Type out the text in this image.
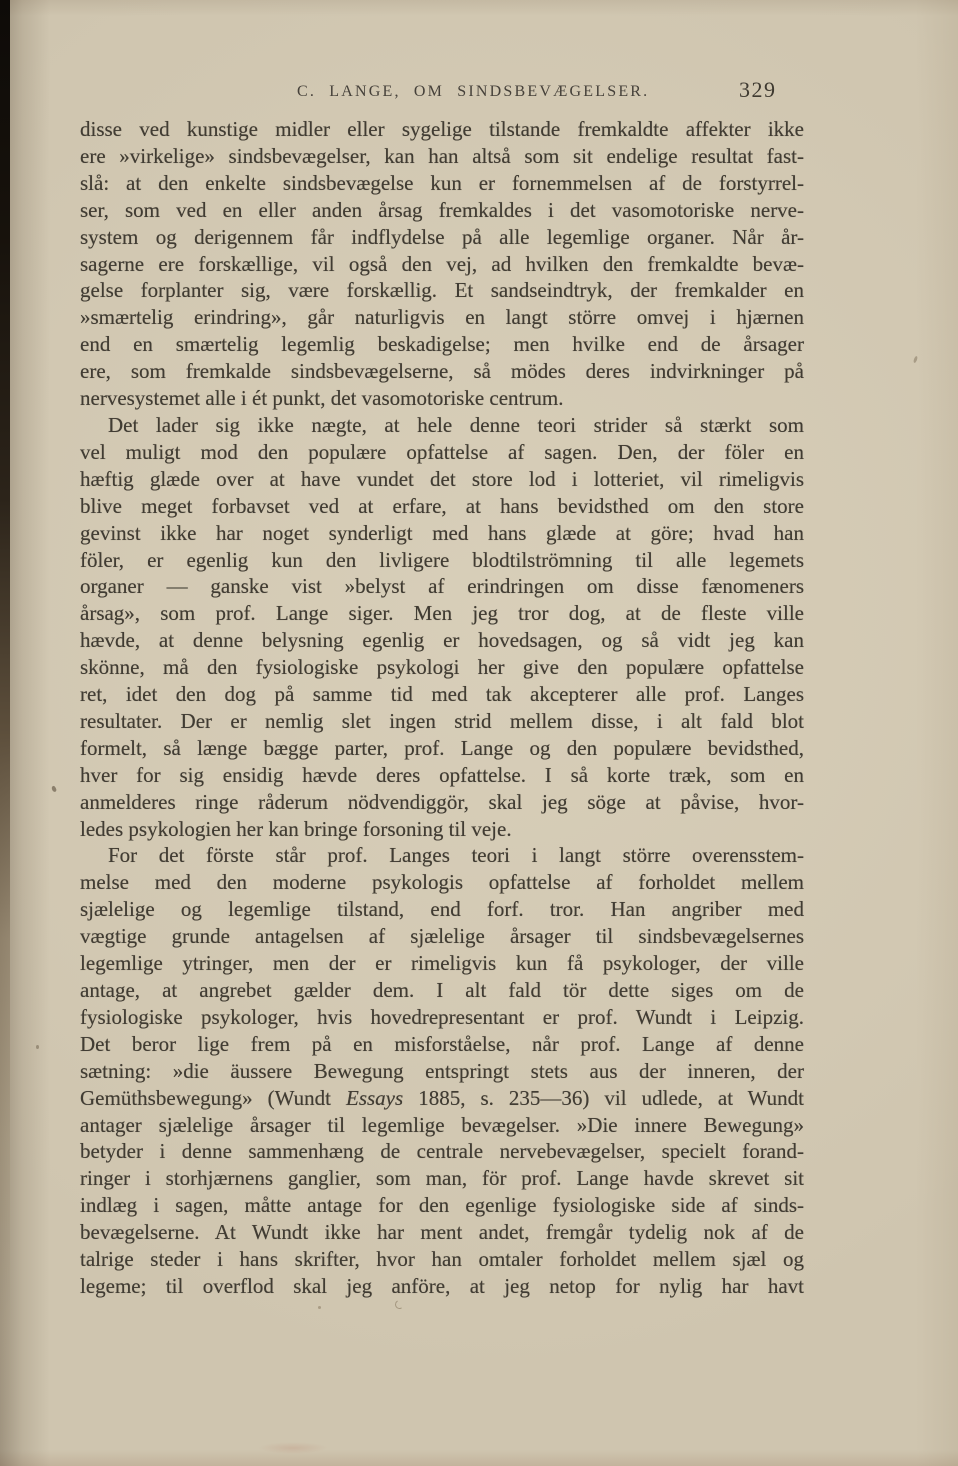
C. LANGE, OM SINDSBEVÆGELSER.	329
disse ved kunstige midler eller sygelige tilstande fremkaldte affekter ikke
ere »virkelige» sindsbevægelser, kan han altså som sit endelige resultat fast-
slå: at den enkelte sindsbevægelse kun er fornemmelsen af de forstyrrel-
ser, som ved en eller anden årsag fremkaldes i det vasomotoriske nerve-
system og derigennem får indflydelse på alle legemlige organer. Når år-
sagerne ere forskællige, vil også den vej, ad hvilken den fremkaldte bevæ-
gelse forplanter sig, være forskællig. Et sandseindtryk, der fremkalder en
»smærtelig erindring», går naturligvis en langt större omvej i hjærnen
end en smærtelig legemlig beskadigelse; men hvilke end de årsager
ere, som fremkalde sindsbevægelserne, så mödes deres indvirkninger på
nervesystemet alle i ét punkt, det vasomotoriske centrum.
Det lader sig ikke nægte, at hele denne teori strider så stærkt som
vel muligt mod den populære opfattelse af sagen. Den, der föler en
hæftig glæde over at have vundet det store lod i lotteriet, vil rimeligvis
blive meget forbavset ved at erfare, at hans bevidsthed om den store
gevinst ikke har noget synderligt med hans glæde at göre; hvad han
föler, er egenlig kun den livligere blodtilströmning til alle legemets
organer — ganske vist »belyst af erindringen om disse fænomeners
årsag», som prof. Lange siger. Men jeg tror dog, at de fleste ville
hævde, at denne belysning egenlig er hovedsagen, og så vidt jeg kan
skönne, må den fysiologiske psykologi her give den populære opfattelse
ret, idet den dog på samme tid med tak akcepterer alle prof. Langes
resultater. Der er nemlig slet ingen strid mellem disse, i alt fald blot
formelt, så længe bægge parter, prof. Lange og den populære bevidsthed,
hver for sig ensidig hævde deres opfattelse. I så korte træk, som en
anmelderes ringe råderum nödvendiggör, skal jeg söge at påvise, hvor-
ledes psykologien her kan bringe forsoning til veje.
For det förste står prof. Langes teori i langt större overensstem-
melse med den moderne psykologis opfattelse af forholdet mellem
sjælelige og legemlige tilstand, end forf. tror. Han angriber med
vægtige grunde antagelsen af sjælelige årsager til sindsbevægelsernes
legemlige ytringer, men der er rimeligvis kun få psykologer, der ville
antage, at angrebet gælder dem. I alt fald tör dette siges om de
fysiologiske psykologer, hvis hovedrepresentant er prof. Wundt i Leipzig.
Det beror lige frem på en misforståelse, når prof. Lange af denne
sætning: »die äussere Bewegung entspringt stets aus der inneren, der
Gemüthsbewegung» (Wundt Essays 1885, s. 235—36) vil udlede, at Wundt
antager sjælelige årsager til legemlige bevægelser. »Die innere Bewegung»
betyder i denne sammenhæng de centrale nervebevægelser, specielt forand-
ringer i storhjærnens ganglier, som man, för prof. Lange havde skrevet sit
indlæg i sagen, måtte antage for den egenlige fysiologiske side af sinds-
bevægelserne. At Wundt ikke har ment andet, fremgår tydelig nok af de
talrige steder i hans skrifter, hvor han omtaler forholdet mellem sjæl og
legeme; til overflod skal jeg anföre, at jeg netop for nylig har havt
